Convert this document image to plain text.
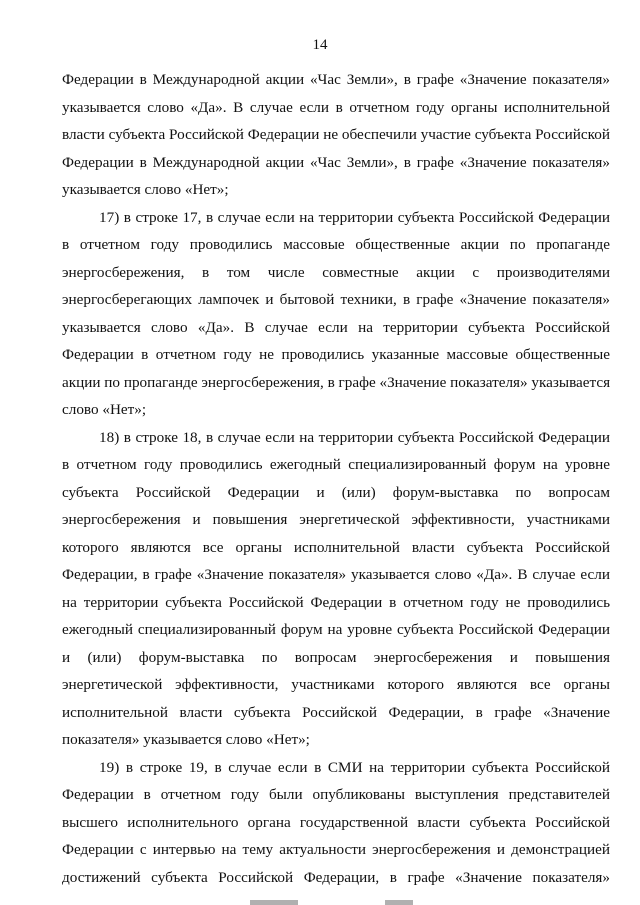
14
Федерации в Международной акции «Час Земли», в графе «Значение показателя»
указывается слово «Да». В случае если в отчетном году органы исполнительной
власти субъекта Российской Федерации не обеспечили участие субъекта Российской
Федерации в Международной акции «Час Земли», в графе «Значение показателя»
указывается слово «Нет»;
17) в строке 17, в случае если на территории субъекта Российской Федерации
в отчетном году проводились массовые общественные акции по пропаганде
энергосбережения, в том числе совместные акции с производителями
энергосберегающих лампочек и бытовой техники, в графе «Значение показателя»
указывается слово «Да». В случае если на территории субъекта Российской
Федерации в отчетном году не проводились указанные массовые общественные
акции по пропаганде энергосбережения, в графе «Значение показателя» указывается
слово «Нет»;
18) в строке 18, в случае если на территории субъекта Российской Федерации
в отчетном году проводились ежегодный специализированный форум на уровне
субъекта Российской Федерации и (или) форум-выставка по вопросам
энергосбережения и повышения энергетической эффективности, участниками
которого являются все органы исполнительной власти субъекта Российской
Федерации, в графе «Значение показателя» указывается слово «Да». В случае если
на территории субъекта Российской Федерации в отчетном году не проводились
ежегодный специализированный форум на уровне субъекта Российской Федерации
и (или) форум-выставка по вопросам энергосбережения и повышения
энергетической эффективности, участниками которого являются все органы
исполнительной власти субъекта Российской Федерации, в графе «Значение
показателя» указывается слово «Нет»;
19) в строке 19, в случае если в СМИ на территории субъекта Российской
Федерации в отчетном году были опубликованы выступления представителей
высшего исполнительного органа государственной власти субъекта Российской
Федерации с интервью на тему актуальности энергосбережения и демонстрацией
достижений субъекта Российской Федерации, в графе «Значение показателя»
